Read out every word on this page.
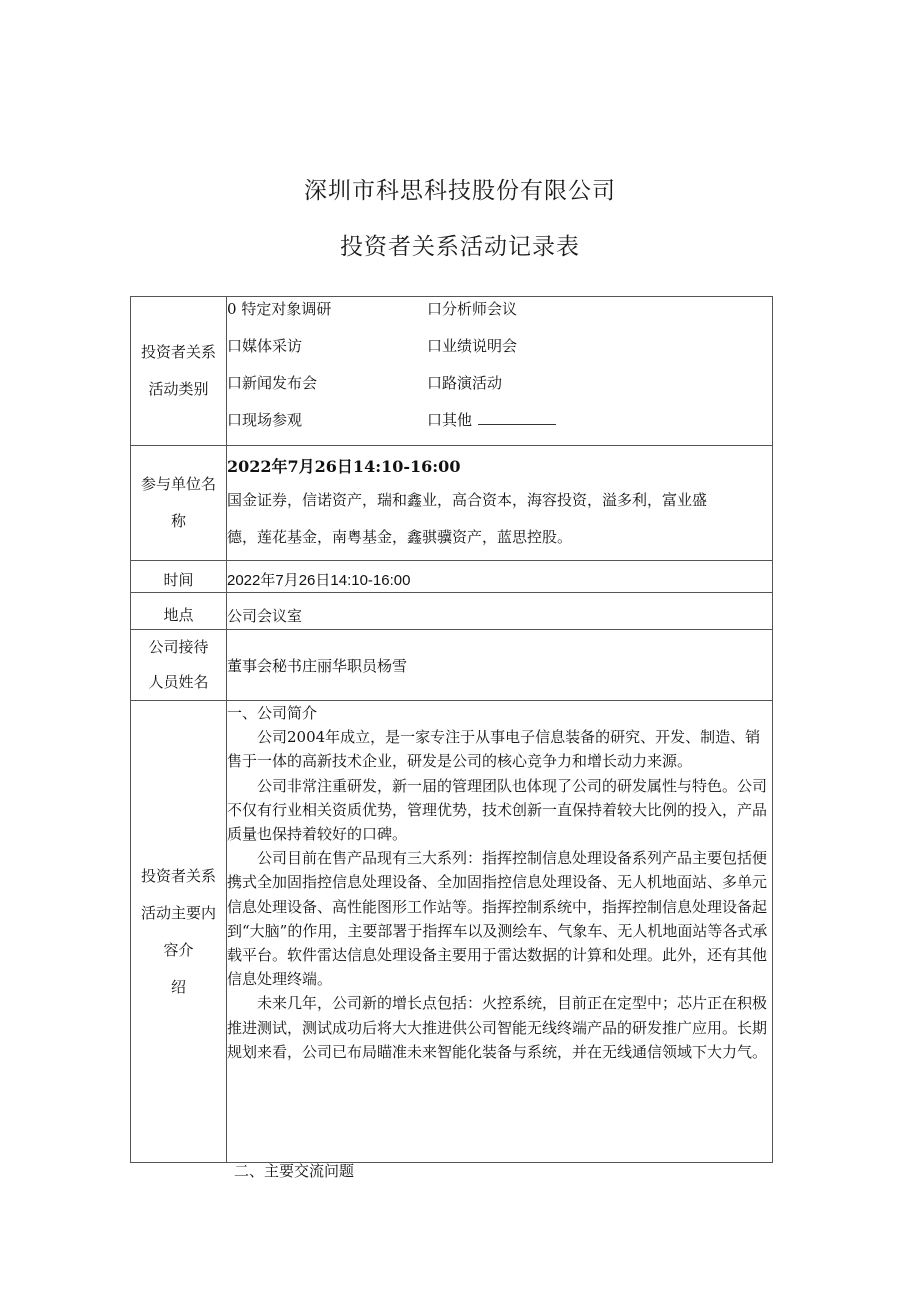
深圳市科思科技股份有限公司
投资者关系活动记录表
投资者关系
活动类别

0 特定对象调研	口分析师会议
口媒体采访	口业绩说明会
口新闻发布会	口路演活动
口现场参观	口其他

参与单位名
称

2022年7月26日14:10-16:00
国金证券，信诺资产，瑞和鑫业，高合资本，海容投资，溢多利，富业盛
德，莲花基金，南粤基金，鑫骐骥资产，蓝思控股。

时间	2022年7月26日14:10-16:00
地点	公司会议室

公司接待
人员姓名	董事会秘书庄丽华职员杨雪

投资者关系
活动主要内
容介
绍

一、公司简介

公司2004年成立，是一家专注于从事电子信息装备的研究、开发、制造、销售于一体的高新技术企业，研发是公司的核心竞争力和增长动力来源。

公司非常注重研发，新一届的管理团队也体现了公司的研发属性与特色。公司不仅有行业相关资质优势，管理优势，技术创新一直保持着较大比例的投入，产品质量也保持着较好的口碑。

公司目前在售产品现有三大系列：指挥控制信息处理设备系列产品主要包括便携式全加固指控信息处理设备、全加固指控信息处理设备、无人机地面站、多单元信息处理设备、高性能图形工作站等。指挥控制系统中，指挥控制信息处理设备起到“大脑”的作用，主要部署于指挥车以及测绘车、气象车、无人机地面站等各式承载平台。软件雷达信息处理设备主要用于雷达数据的计算和处理。此外，还有其他信息处理终端。

未来几年，公司新的增长点包括：火控系统，目前正在定型中；芯片正在积极推进测试，测试成功后将大大推进供公司智能无线终端产品的研发推广应用。长期规划来看，公司已布局瞄准未来智能化装备与系统，并在无线通信领域下大力气。

二、主要交流问题
